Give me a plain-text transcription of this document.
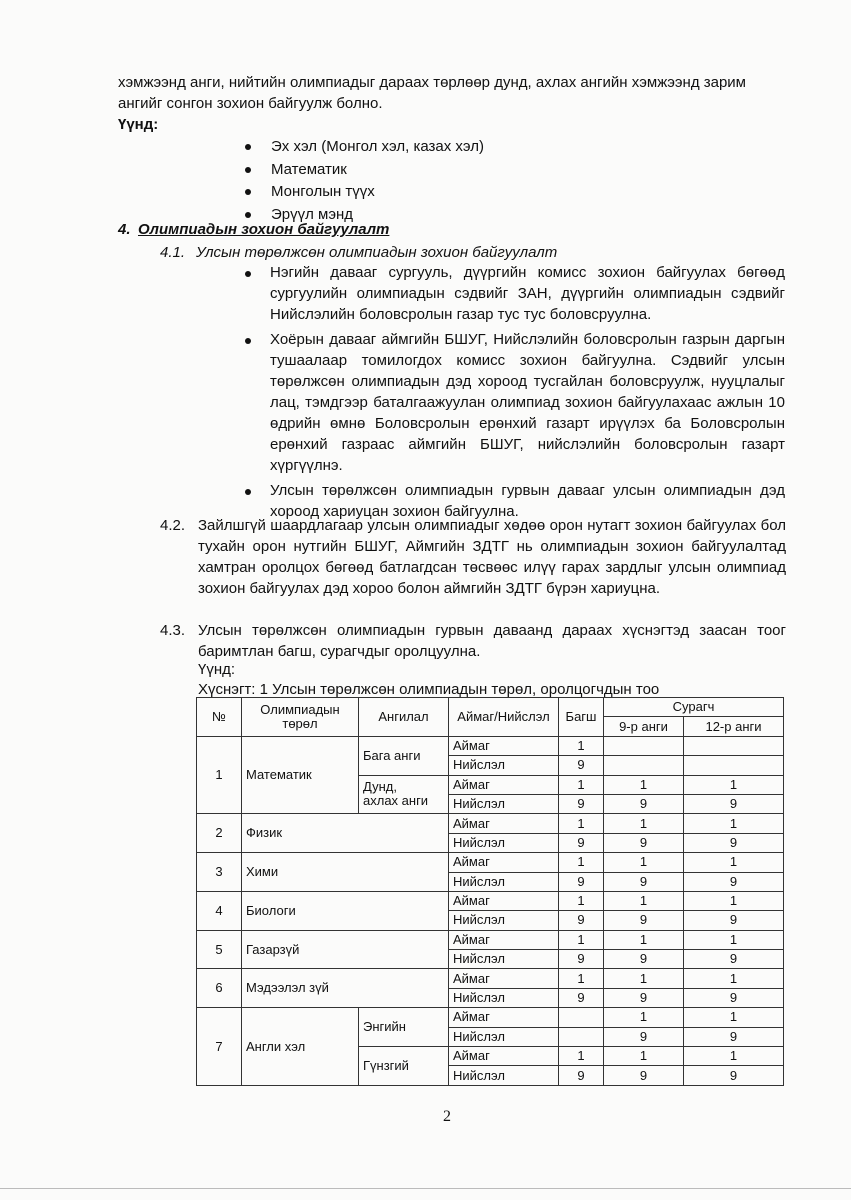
хэмжээнд анги, нийтийн олимпиадыг дараах төрлөөр дунд, ахлах ангийн хэмжээнд зарим
ангийг сонгон зохион байгуулж болно.
Үүнд:
Эх хэл (Монгол хэл, казах хэл)
Математик
Монголын түүх
Эрүүл мэнд
4. Олимпиадын зохион байгуулалт
4.1. Улсын төрөлжсөн олимпиадын зохион байгуулалт
Нэгийн давааг сургууль, дүүргийн комисс зохион байгуулах бөгөөд сургуулийн олимпиадын сэдвийг ЗАН, дүүргийн олимпиадын сэдвийг Нийслэлийн боловсролын газар тус тус боловсруулна.
Хоёрын давааг аймгийн БШУГ, Нийслэлийн боловсролын газрын даргын тушаалаар томилогдох комисс зохион байгуулна. Сэдвийг улсын төрөлжсөн олимпиадын дэд хороод тусгайлан боловсруулж, нууцлалыг лац, тэмдгээр баталгаажуулан олимпиад зохион байгуулахаас ажлын 10 өдрийн өмнө Боловсролын ерөнхий газарт ирүүлэх ба Боловсролын ерөнхий газраас аймгийн БШУГ, нийслэлийн боловсролын газарт хүргүүлнэ.
Улсын төрөлжсөн олимпиадын гурвын давааг улсын олимпиадын дэд хороод хариуцан зохион байгуулна.
4.2. Зайлшгүй шаардлагаар улсын олимпиадыг хөдөө орон нутагт зохион байгуулах бол тухайн орон нутгийн БШУГ, Аймгийн ЗДТГ нь олимпиадын зохион байгуулалтад хамтран оролцох бөгөөд батлагдсан төсвөөс илүү гарах зардлыг улсын олимпиад зохион байгуулах дэд хороо болон аймгийн ЗДТГ бүрэн хариуцна.
4.3. Улсын төрөлжсөн олимпиадын гурвын даваанд дараах хүснэгтэд заасан тоог баримтлан багш, сурагчдыг оролцуулна.
Үүнд:
Хүснэгт: 1 Улсын төрөлжсөн олимпиадын төрөл, оролцогчдын тоо
№	Олимпиадын
төрөл	Ангилал	Аймаг/Нийслэл	Багш	Сурагч	
					9-р анги	12-р анги
1	Математик	Бага анги	Аймаг	1		
			Нийслэл	9		
		Дунд,
ахлах анги	Аймаг	1	1	1
			Нийслэл	9	9	9
2	Физик		Аймаг	1	1	1
			Нийслэл	9	9	9
3	Хими		Аймаг	1	1	1
			Нийслэл	9	9	9
4	Биологи		Аймаг	1	1	1
			Нийслэл	9	9	9
5	Газарзүй		Аймаг	1	1	1
			Нийслэл	9	9	9
6	Мэдээлэл зүй		Аймаг	1	1	1
			Нийслэл	9	9	9
7	Англи хэл	Энгийн	Аймаг		1	1
			Нийслэл		9	9
		Гүнзгий	Аймаг	1	1	1
			Нийслэл	9	9	9
2
